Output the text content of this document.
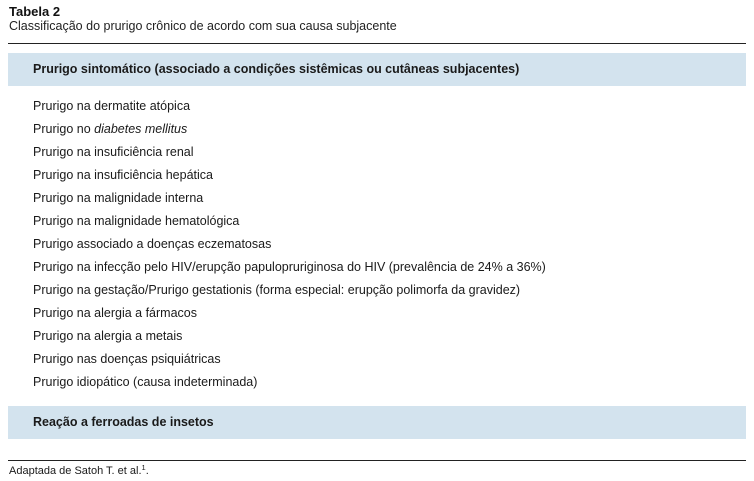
Tabela 2
Classificação do prurigo crônico de acordo com sua causa subjacente
Prurigo sintomático (associado a condições sistêmicas ou cutâneas subjacentes)
Prurigo na dermatite atópica
Prurigo no diabetes mellitus
Prurigo na insuficiência renal
Prurigo na insuficiência hepática
Prurigo na malignidade interna
Prurigo na malignidade hematológica
Prurigo associado a doenças eczematosas
Prurigo na infecção pelo HIV/erupção papulopruriginosa do HIV (prevalência de 24% a 36%)
Prurigo na gestação/Prurigo gestationis (forma especial: erupção polimorfa da gravidez)
Prurigo na alergia a fármacos
Prurigo na alergia a metais
Prurigo nas doenças psiquiátricas
Prurigo idiopático (causa indeterminada)
Reação a ferroadas de insetos
Adaptada de Satoh T. et al.$^1$.
